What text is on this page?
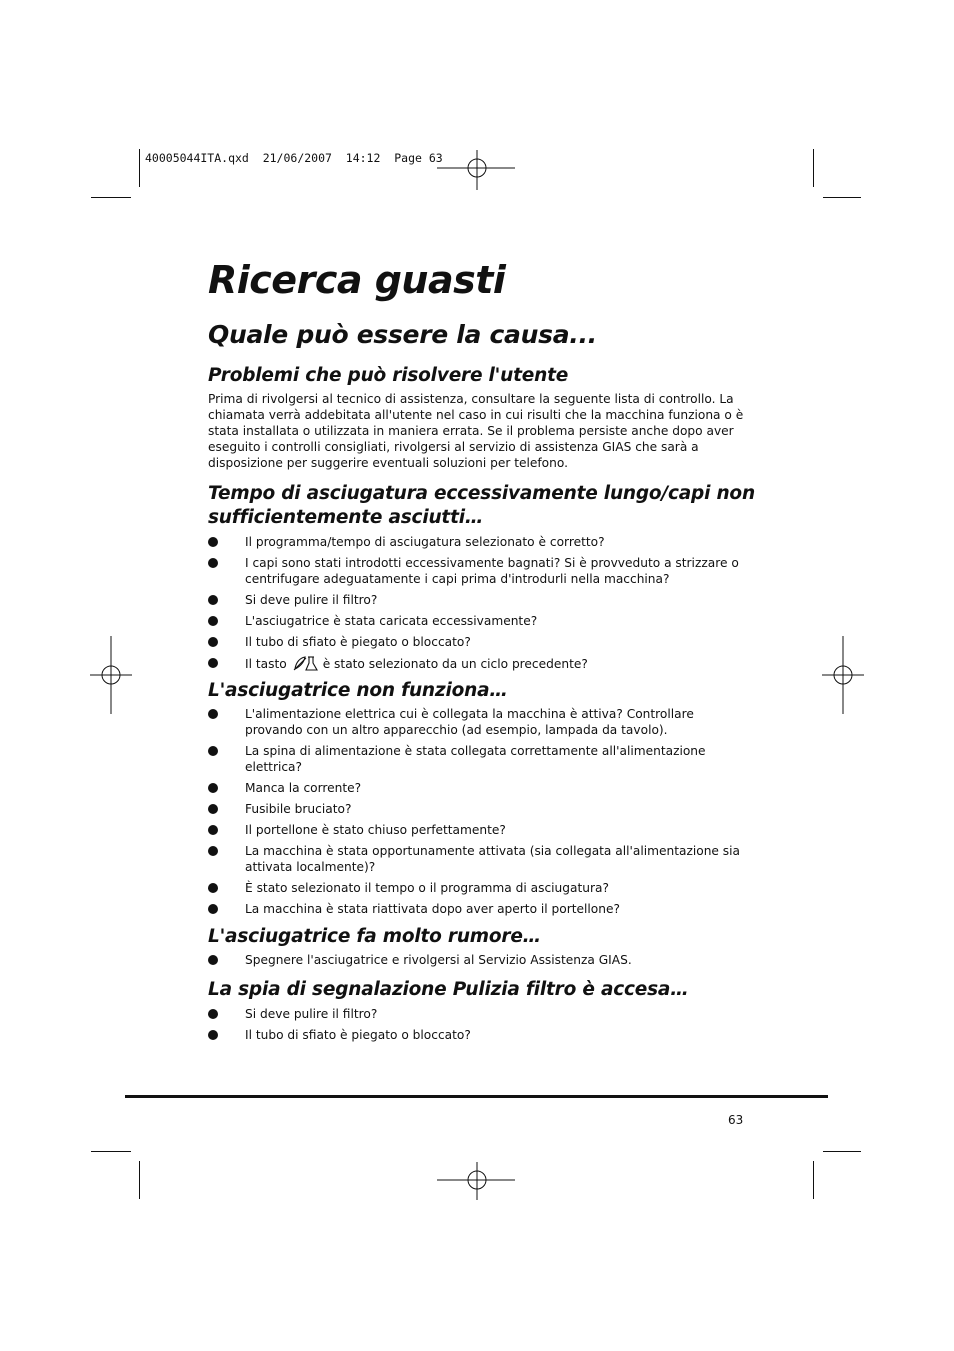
40005044ITA.qxd  21/06/2007  14:12  Page 63
Ricerca guasti
Quale può essere la causa...
Problemi che può risolvere l'utente

Prima di rivolgersi al tecnico di assistenza, consultare la seguente lista di controllo. La chiamata verrà addebitata all'utente nel caso in cui risulti che la macchina funziona o è stata installata o utilizzata in maniera errata. Se il problema persiste anche dopo aver eseguito i controlli consigliati, rivolgersi al servizio di assistenza GIAS che sarà a disposizione per suggerire eventuali soluzioni per telefono.

Tempo di asciugatura eccessivamente lungo/capi non sufficientemente asciutti…
Il programma/tempo di asciugatura selezionato è corretto?
I capi sono stati introdotti eccessivamente bagnati? Si è provveduto a strizzare o centrifugare adeguatamente i capi prima d'introdurli nella macchina?
Si deve pulire il filtro?
L'asciugatrice è stata caricata eccessivamente?
Il tubo di sfiato è piegato o bloccato?
Il tasto	è stato selezionato da un ciclo precedente?
L'asciugatrice non funziona…
L'alimentazione elettrica cui è collegata la macchina è attiva? Controllare provando con un altro apparecchio (ad esempio, lampada da tavolo).
La spina di alimentazione è stata collegata correttamente all'alimentazione elettrica?
Manca la corrente?
Fusibile bruciato?
Il portellone è stato chiuso perfettamente?
La macchina è stata opportunamente attivata (sia collegata all'alimentazione sia attivata localmente)?
È stato selezionato il tempo o il programma di asciugatura?
La macchina è stata riattivata dopo aver aperto il portellone?
L'asciugatrice fa molto rumore…
Spegnere l'asciugatrice e rivolgersi al Servizio Assistenza GIAS.
La spia di segnalazione Pulizia filtro è accesa…
Si deve pulire il filtro?
Il tubo di sfiato è piegato o bloccato?
63
